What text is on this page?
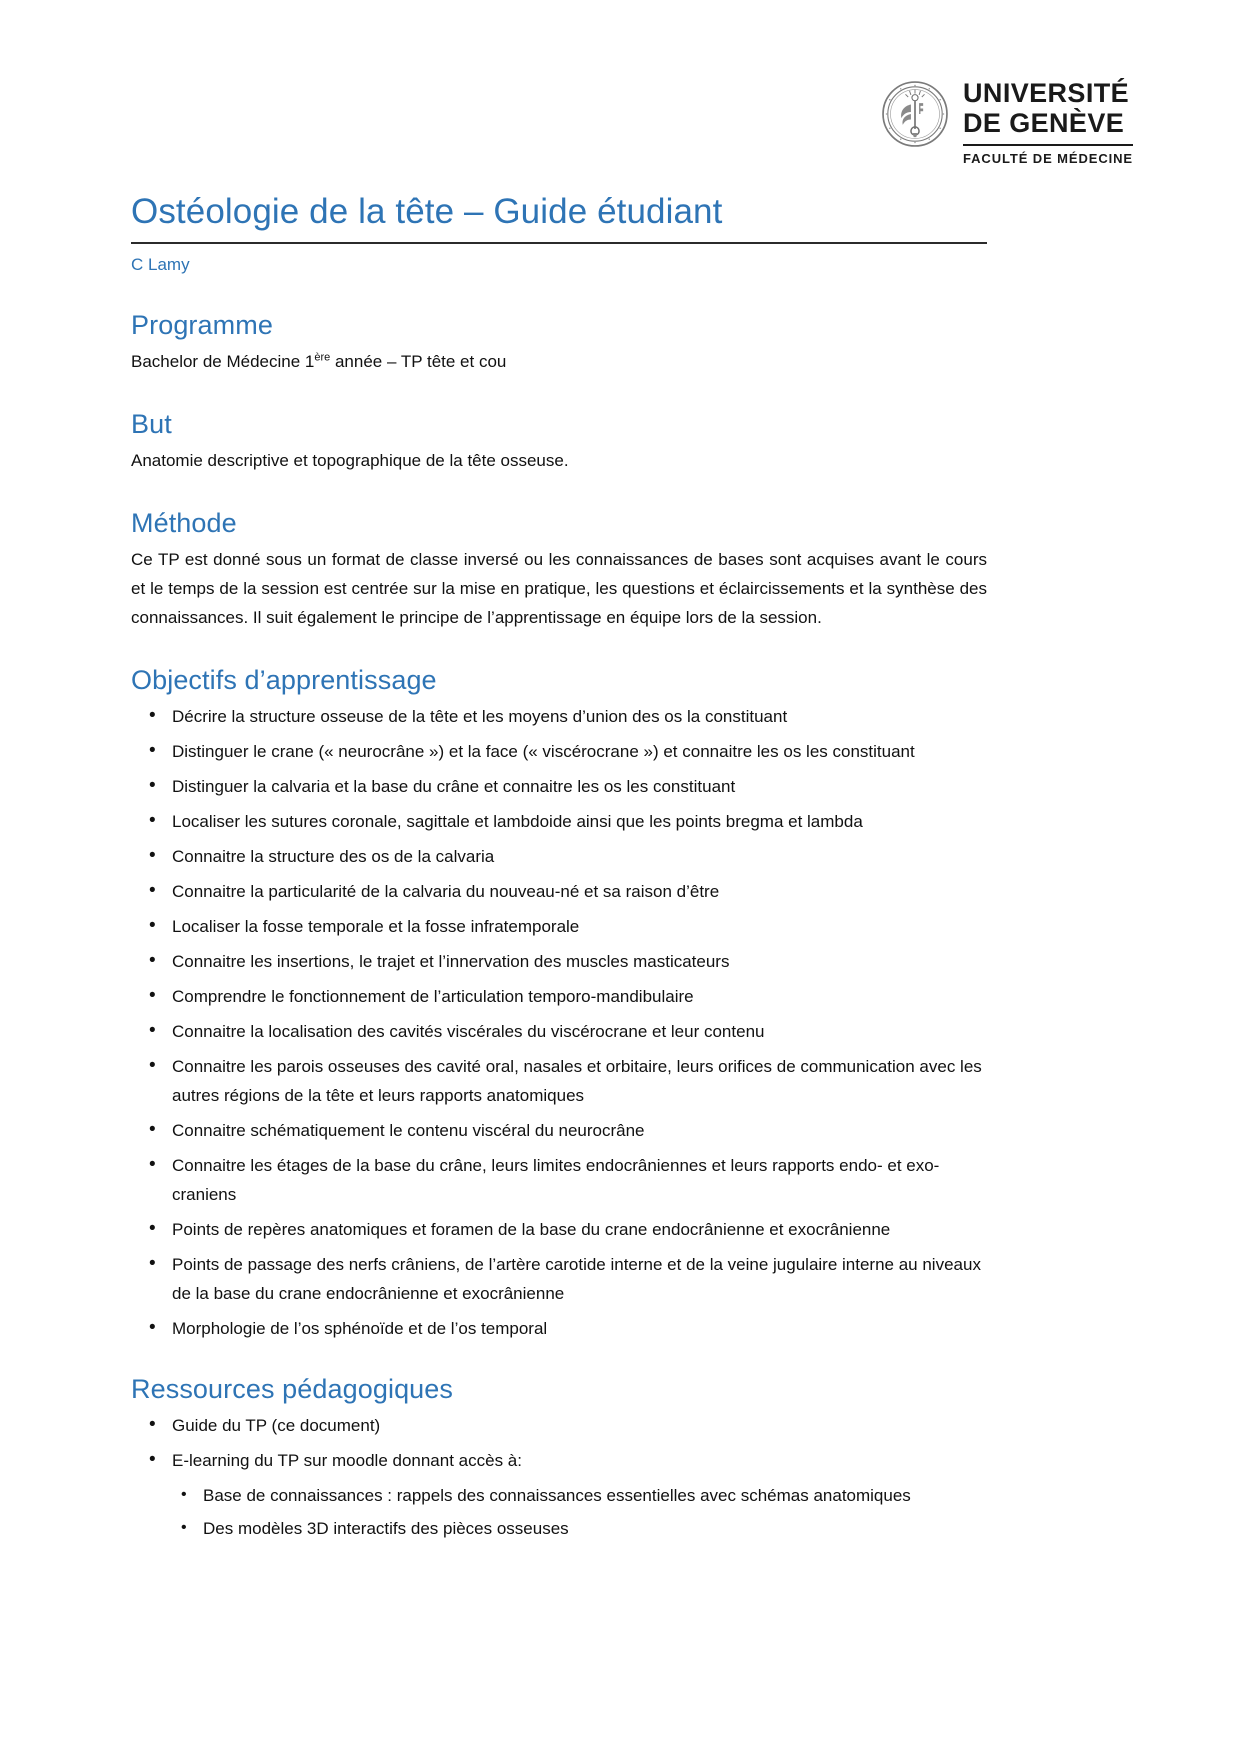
UNIVERSITÉ
DE GENÈVE
FACULTÉ DE MÉDECINE
Ostéologie de la tête – Guide étudiant
C Lamy
Programme

Bachelor de Médecine 1ère année – TP tête et cou

But

Anatomie descriptive et topographique de la tête osseuse.

Méthode

Ce TP est donné sous un format de classe inversé ou les connaissances de bases sont acquises avant le cours et le temps de la session est centrée sur la mise en pratique, les questions et éclaircissements et la synthèse des connaissances. Il suit également le principe de l’apprentissage en équipe lors de la session.

Objectifs d’apprentissage
• Décrire la structure osseuse de la tête et les moyens d’union des os la constituant
• Distinguer le crane (« neurocrâne ») et la face (« viscérocrane ») et connaitre les os les constituant
• Distinguer la calvaria et la base du crâne et connaitre les os les constituant
• Localiser les sutures coronale, sagittale et lambdoide ainsi que les points bregma et lambda
• Connaitre la structure des os de la calvaria
• Connaitre la particularité de la calvaria du nouveau-né et sa raison d’être
• Localiser la fosse temporale et la fosse infratemporale
• Connaitre les insertions, le trajet et l’innervation des muscles masticateurs
• Comprendre le fonctionnement de l’articulation temporo-mandibulaire
• Connaitre la localisation des cavités viscérales du viscérocrane et leur contenu
• Connaitre les parois osseuses des cavité oral, nasales et orbitaire, leurs orifices de communication avec les autres régions de la tête et leurs rapports anatomiques
• Connaitre schématiquement le contenu viscéral du neurocrâne
• Connaitre les étages de la base du crâne, leurs limites endocrâniennes et leurs rapports endo- et exo-craniens
• Points de repères anatomiques et foramen de la base du crane endocrânienne et exocrânienne
• Points de passage des nerfs crâniens, de l’artère carotide interne et de la veine jugulaire interne au niveaux de la base du crane endocrânienne et exocrânienne
• Morphologie de l’os sphénoïde et de l’os temporal
Ressources pédagogiques
• Guide du TP (ce document)
• E-learning du TP sur moodle donnant accès à:
• Base de connaissances : rappels des connaissances essentielles avec schémas anatomiques
• Des modèles 3D interactifs des pièces osseuses
